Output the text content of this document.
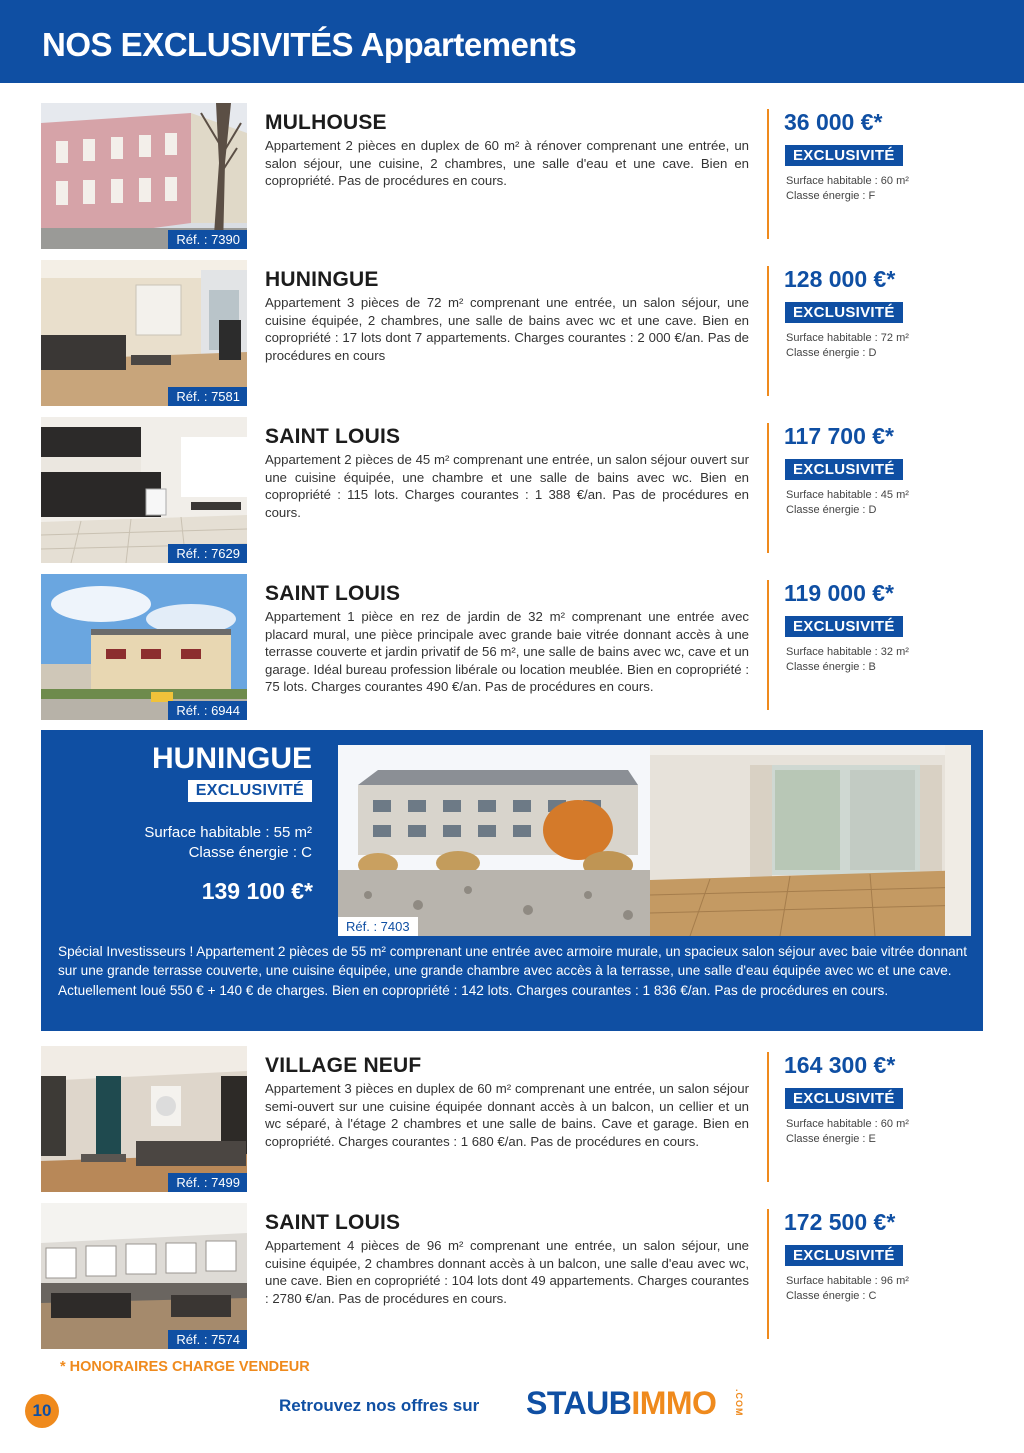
NOS EXCLUSIVITÉS Appartements
Réf. : 7390
MULHOUSE
Appartement 2 pièces en duplex de 60 m² à rénover comprenant une entrée, un salon séjour, une cuisine, 2 chambres, une salle d'eau et une cave. Bien en copropriété. Pas de procédures en cours.
36 000 €*
EXCLUSIVITÉ
Surface habitable : 60 m²
Classe énergie : F
Réf. : 7581
HUNINGUE
Appartement 3 pièces de 72 m² comprenant une entrée, un salon séjour, une cuisine équipée, 2 chambres, une salle de bains avec wc et une cave. Bien en copropriété : 17 lots dont 7 appartements. Charges courantes : 2 000 €/an. Pas de procédures en cours
128 000 €*
EXCLUSIVITÉ
Surface habitable : 72 m²
Classe énergie : D
Réf. : 7629
SAINT LOUIS
Appartement 2 pièces de 45 m² comprenant une entrée, un salon séjour ouvert sur une cuisine équipée, une chambre et une salle de bains avec wc. Bien en copropriété : 115 lots. Charges courantes : 1 388 €/an. Pas de procédures en cours.
117 700 €*
EXCLUSIVITÉ
Surface habitable : 45 m²
Classe énergie : D
Réf. : 6944
SAINT LOUIS
Appartement 1 pièce en rez de jardin de 32 m² comprenant une entrée avec placard mural, une pièce principale avec grande baie vitrée donnant accès à une terrasse couverte et jardin privatif de 56 m², une salle de bains avec wc, cave et un garage. Idéal bureau profession libérale ou location meublée. Bien en copropriété : 75 lots. Charges courantes 490 €/an. Pas de procédures en cours.
119 000 €*
EXCLUSIVITÉ
Surface habitable : 32 m²
Classe énergie : B
HUNINGUE
EXCLUSIVITÉ
Surface habitable : 55 m²
Classe énergie : C
139 100 €*
Réf. : 7403
Spécial Investisseurs ! Appartement 2 pièces de 55 m² comprenant une entrée avec armoire murale, un spacieux salon séjour avec baie vitrée donnant sur une grande terrasse couverte, une cuisine équipée, une grande chambre avec accès à la terrasse, une salle d'eau équipée avec wc et une cave. Actuellement loué 550 € + 140 € de charges. Bien en copropriété : 142 lots. Charges courantes : 1 836 €/an. Pas de procédures en cours.
Réf. : 7499
VILLAGE NEUF
Appartement 3 pièces en duplex de 60 m² comprenant une entrée, un salon séjour semi-ouvert sur une cuisine équipée donnant accès à un balcon, un cellier et un wc séparé, à l'étage 2 chambres et une salle de bains. Cave et garage. Bien en copropriété. Charges courantes : 1 680 €/an. Pas de procédures en cours.
164 300 €*
EXCLUSIVITÉ
Surface habitable : 60 m²
Classe énergie : E
Réf. : 7574
SAINT LOUIS
Appartement 4 pièces de 96 m² comprenant une entrée, un salon séjour, une cuisine équipée, 2 chambres donnant accès à un balcon, une salle d'eau avec wc, une cave. Bien en copropriété : 104 lots dont 49 appartements. Charges courantes : 2780 €/an. Pas de procédures en cours.
172 500 €*
EXCLUSIVITÉ
Surface habitable : 96 m²
Classe énergie : C
* HONORAIRES CHARGE VENDEUR
10	Retrouvez nos offres sur STAUBIMMO .COM
